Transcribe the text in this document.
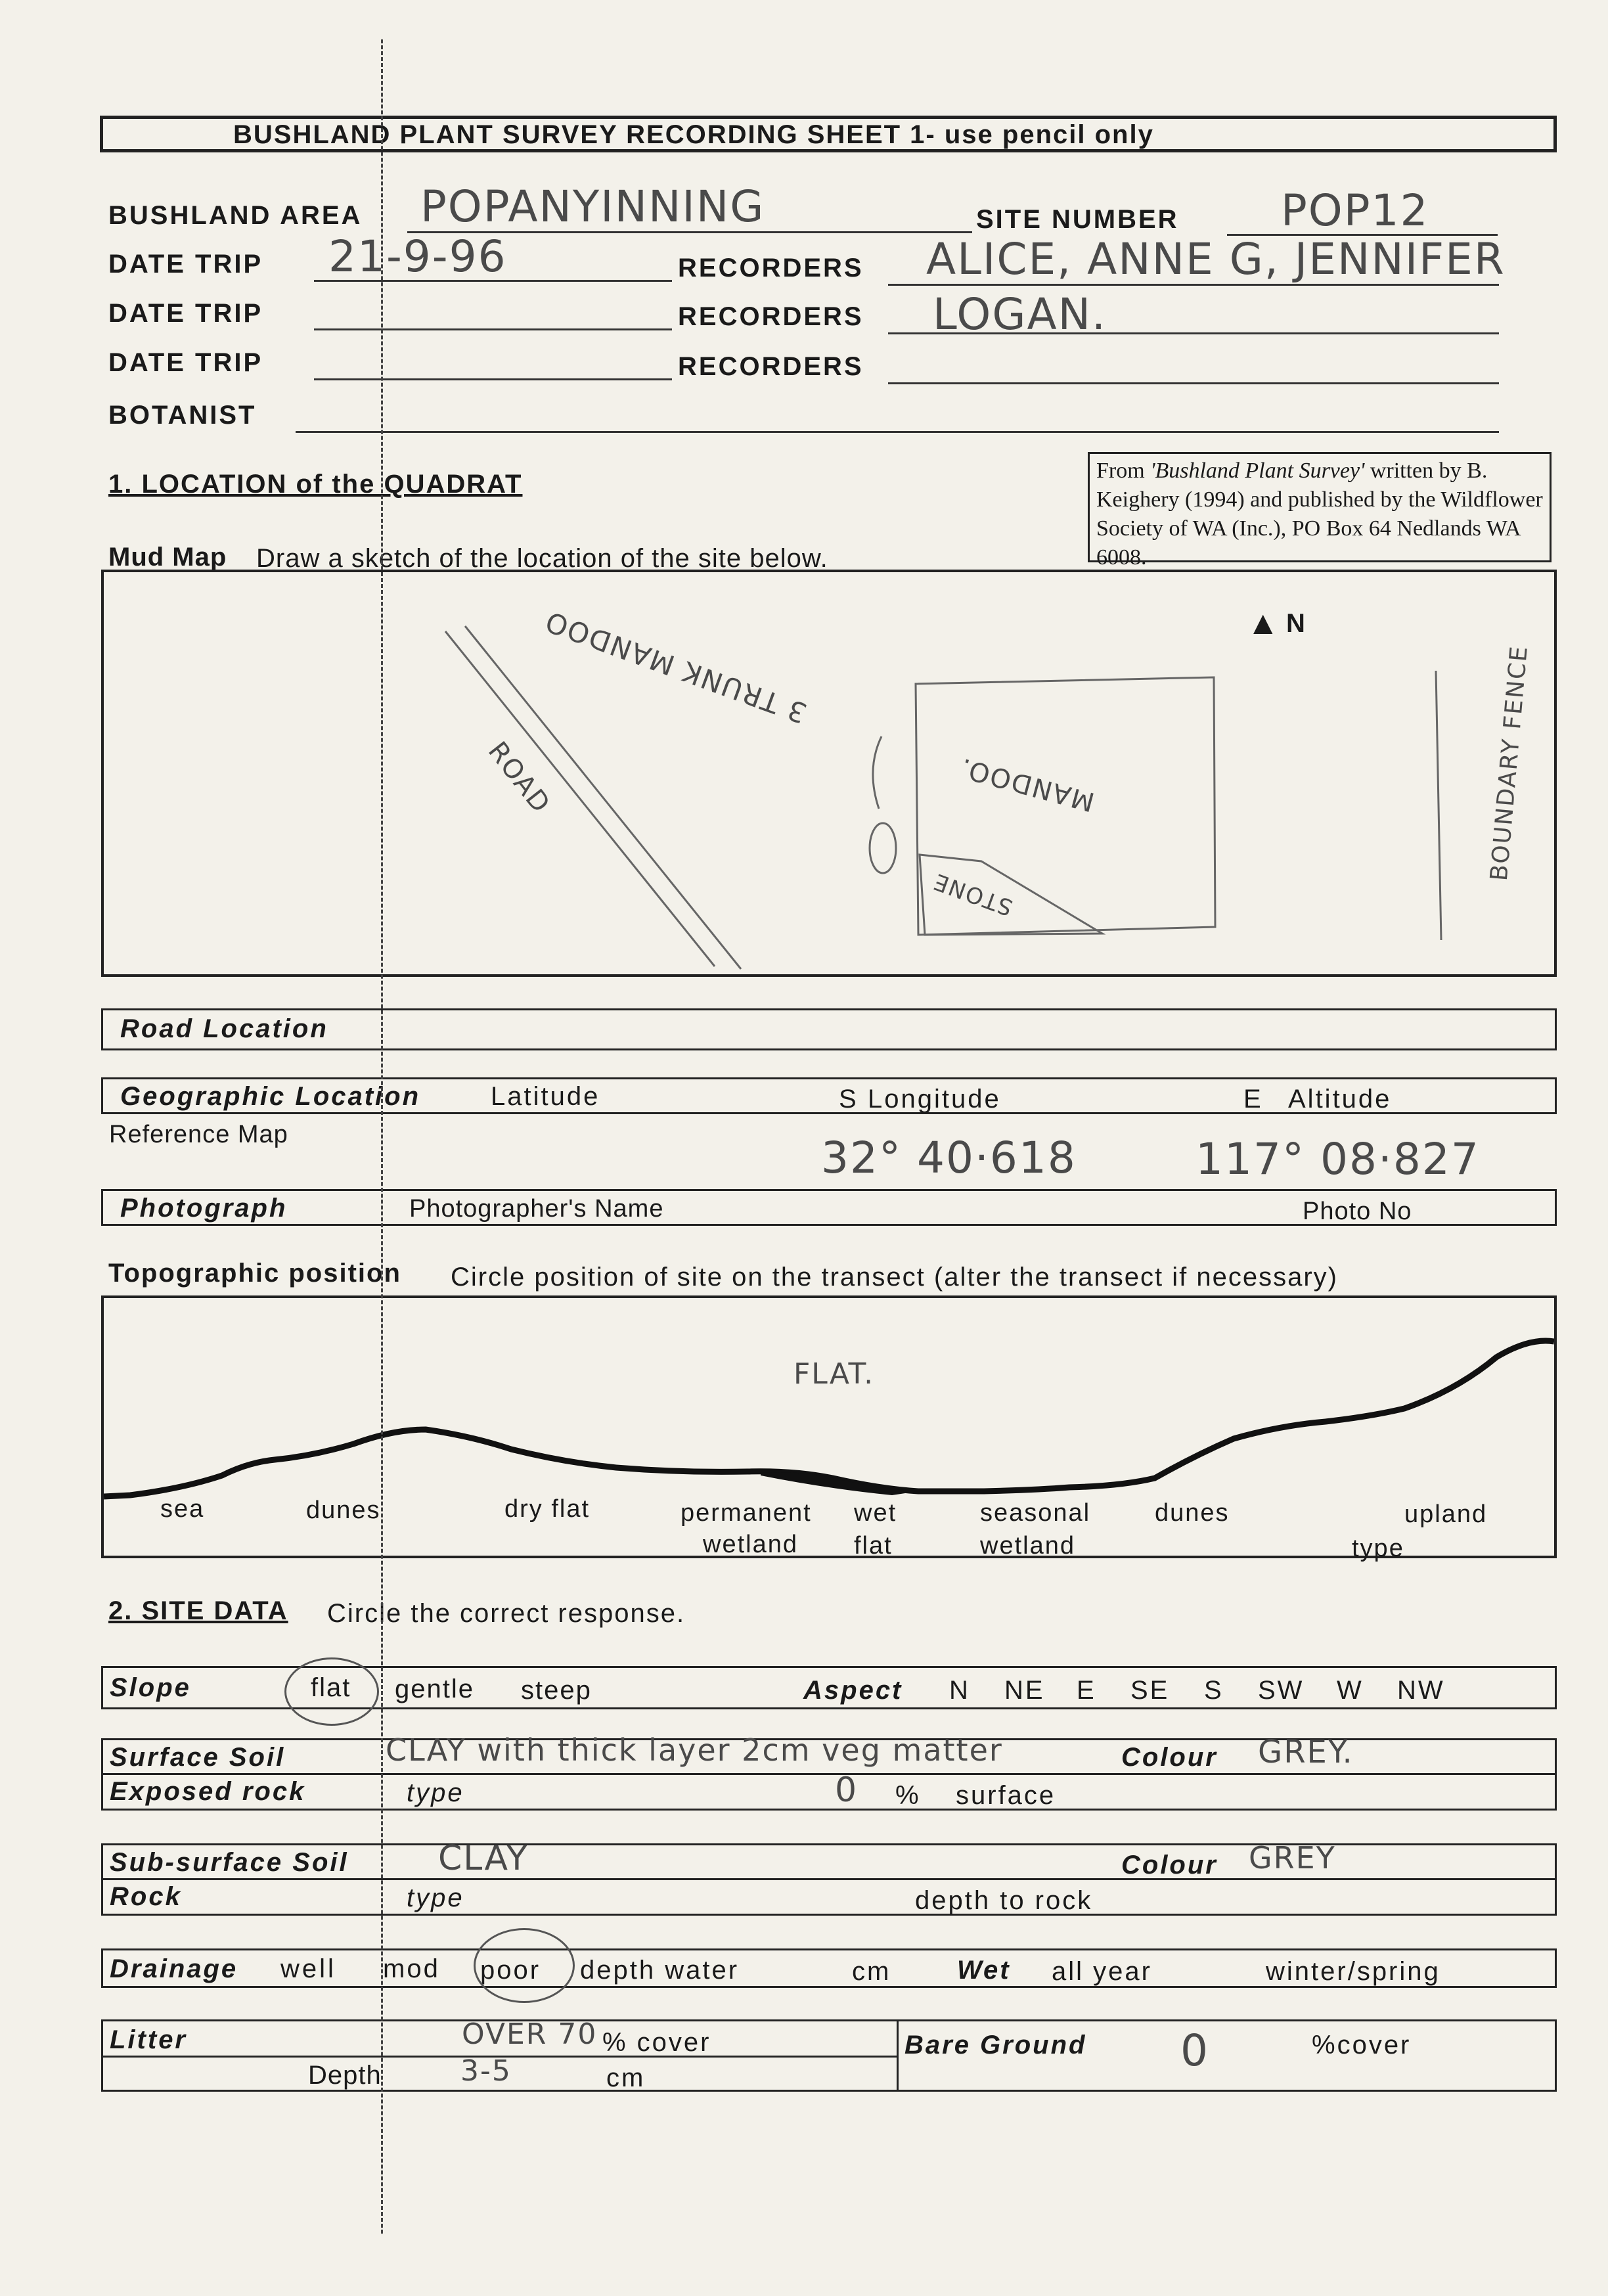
BUSHLAND PLANT SURVEY RECORDING SHEET 1- use pencil only
BUSHLAND AREA POPANYINNING	SITE NUMBER POP12
DATE TRIP 21-9-96	RECORDERS ALICE, ANNE G, JENNIFER
DATE TRIP	RECORDERS LOGAN.
DATE TRIP	RECORDERS
BOTANIST
From 'Bushland Plant Survey' written by B. Keighery (1994) and published by the Wildflower Society of WA (Inc.), PO Box 64 Nedlands WA 6008.
1. LOCATION of the QUADRAT
Mud Map Draw a sketch of the location of the site below.
ROAD
3 TRUNK MANDOO
MANDOO.	BOUNDARY FENCE
STONE
▲ N
Road Location
Geographic Location	Latitude	S Longitude	E Altitude
Reference Map	32° 40·618	117° 08·827
Photograph	Photographer's Name	Photo No
Topographic position Circle position of site on the transect (alter the transect if necessary)
FLAT.
sea	dunes	dry flat	permanent
wetland
wet
flat
seasonal
wetland
dunes	upland
type
2. SITE DATA Circle the correct response.
Slope	flat gentle steep	Aspect N NE E SE S SW W NW
Surface Soil	CLAY with thick layer 2cm veg matter	Colour GREY.
Exposed rock	type	0 % surface
Sub-surface Soil	CLAY	Colour GREY
Rock	type	depth to rock
Drainage well mod poor depth water	cm	Wet all year	winter/spring
Litter	OVER 70 % cover
Depth	3-5	cm
Bare Ground 0	%cover
